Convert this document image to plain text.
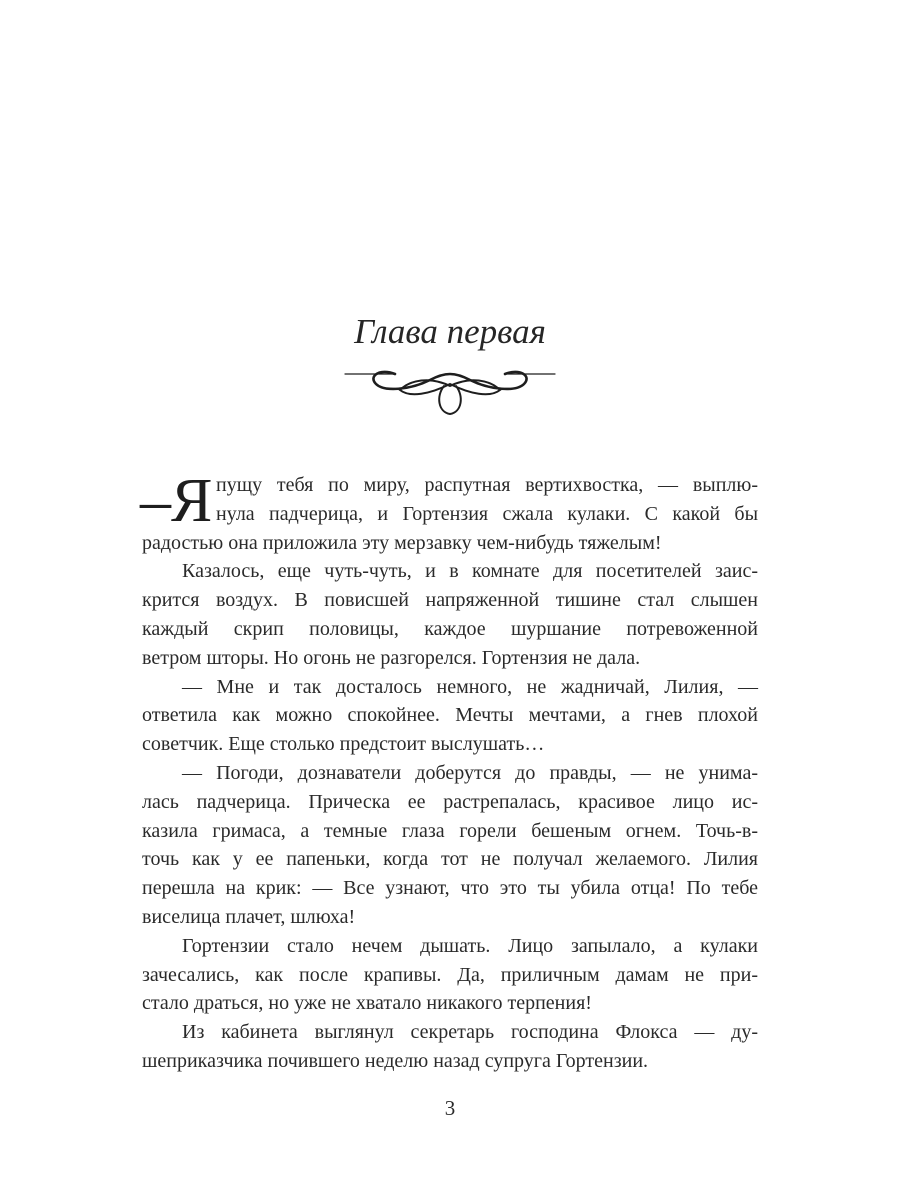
Глава первая
–Я пущу тебя по миру, распутная вертихвостка, — выплю-
нула падчерица, и Гортензия сжала кулаки. С какой бы
радостью она приложила эту мерзавку чем-нибудь тяжелым!
Казалось, еще чуть-чуть, и в комнате для посетителей заис-
крится воздух. В повисшей напряженной тишине стал слышен
каждый скрип половицы, каждое шуршание потревоженной
ветром шторы. Но огонь не разгорелся. Гортензия не дала.
— Мне и так досталось немного, не жадничай, Лилия, —
ответила как можно спокойнее. Мечты мечтами, а гнев плохой
советчик. Еще столько предстоит выслушать…
— Погоди, дознаватели доберутся до правды, — не унима-
лась падчерица. Прическа ее растрепалась, красивое лицо ис-
казила гримаса, а темные глаза горели бешеным огнем. Точь-в-
точь как у ее папеньки, когда тот не получал желаемого. Лилия
перешла на крик: — Все узнают, что это ты убила отца! По тебе
виселица плачет, шлюха!
Гортензии стало нечем дышать. Лицо запылало, а кулаки
зачесались, как после крапивы. Да, приличным дамам не при-
стало драться, но уже не хватало никакого терпения!
Из кабинета выглянул секретарь господина Флокса — ду-
шеприказчика почившего неделю назад супруга Гортензии.
3
